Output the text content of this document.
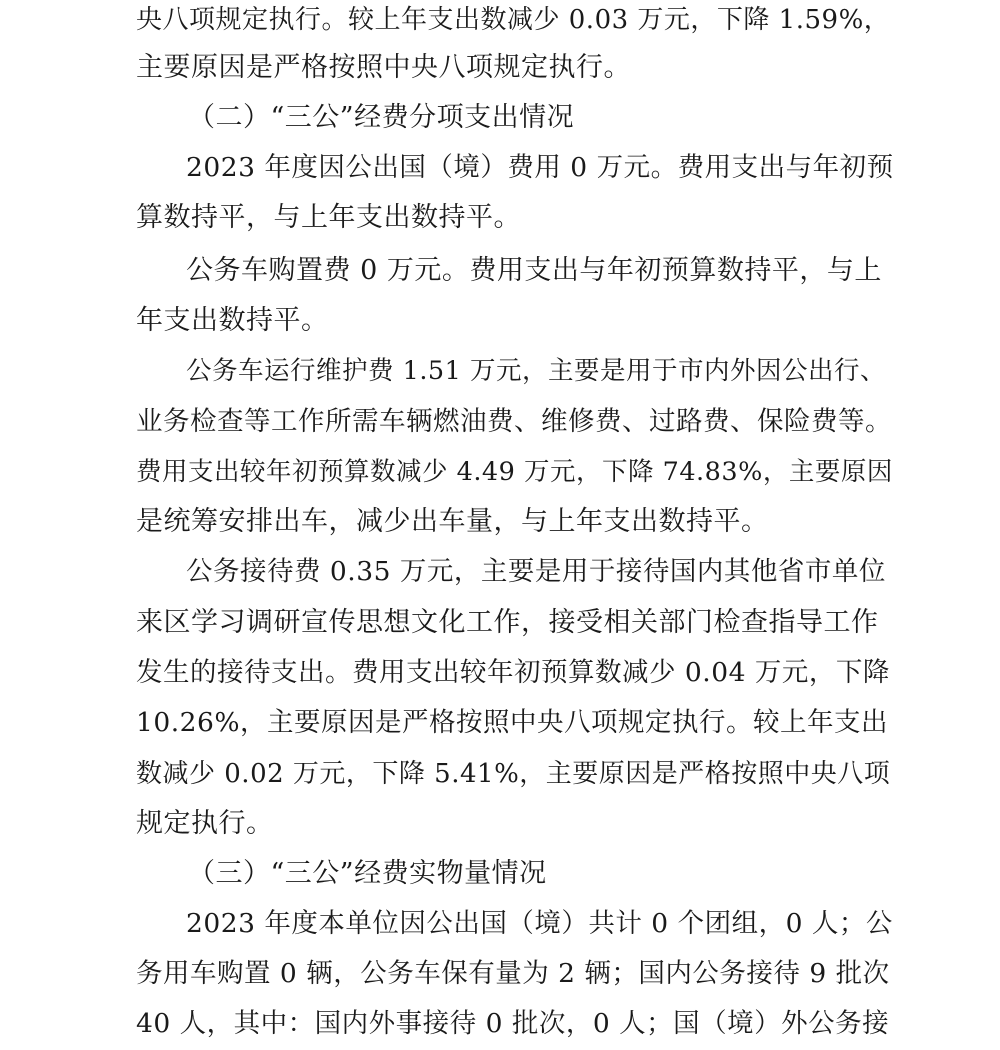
央八项规定执行。较上年支出数减少 0.03 万元，下降 1.59%，
主要原因是严格按照中央八项规定执行。
（二）“三公”经费分项支出情况
2023 年度因公出国（境）费用 0 万元。费用支出与年初预
算数持平，与上年支出数持平。
公务车购置费 0 万元。费用支出与年初预算数持平，与上
年支出数持平。
公务车运行维护费 1.51 万元，主要是用于市内外因公出行、
业务检查等工作所需车辆燃油费、维修费、过路费、保险费等。
费用支出较年初预算数减少 4.49 万元，下降 74.83%，主要原因
是统筹安排出车，减少出车量，与上年支出数持平。
公务接待费 0.35 万元，主要是用于接待国内其他省市单位
来区学习调研宣传思想文化工作，接受相关部门检查指导工作
发生的接待支出。费用支出较年初预算数减少 0.04 万元，下降
10.26%，主要原因是严格按照中央八项规定执行。较上年支出
数减少 0.02 万元，下降 5.41%，主要原因是严格按照中央八项
规定执行。
（三）“三公”经费实物量情况
2023 年度本单位因公出国（境）共计 0 个团组，0 人；公
务用车购置 0 辆，公务车保有量为 2 辆；国内公务接待 9 批次
40 人，其中：国内外事接待 0 批次，0 人；国（境）外公务接
